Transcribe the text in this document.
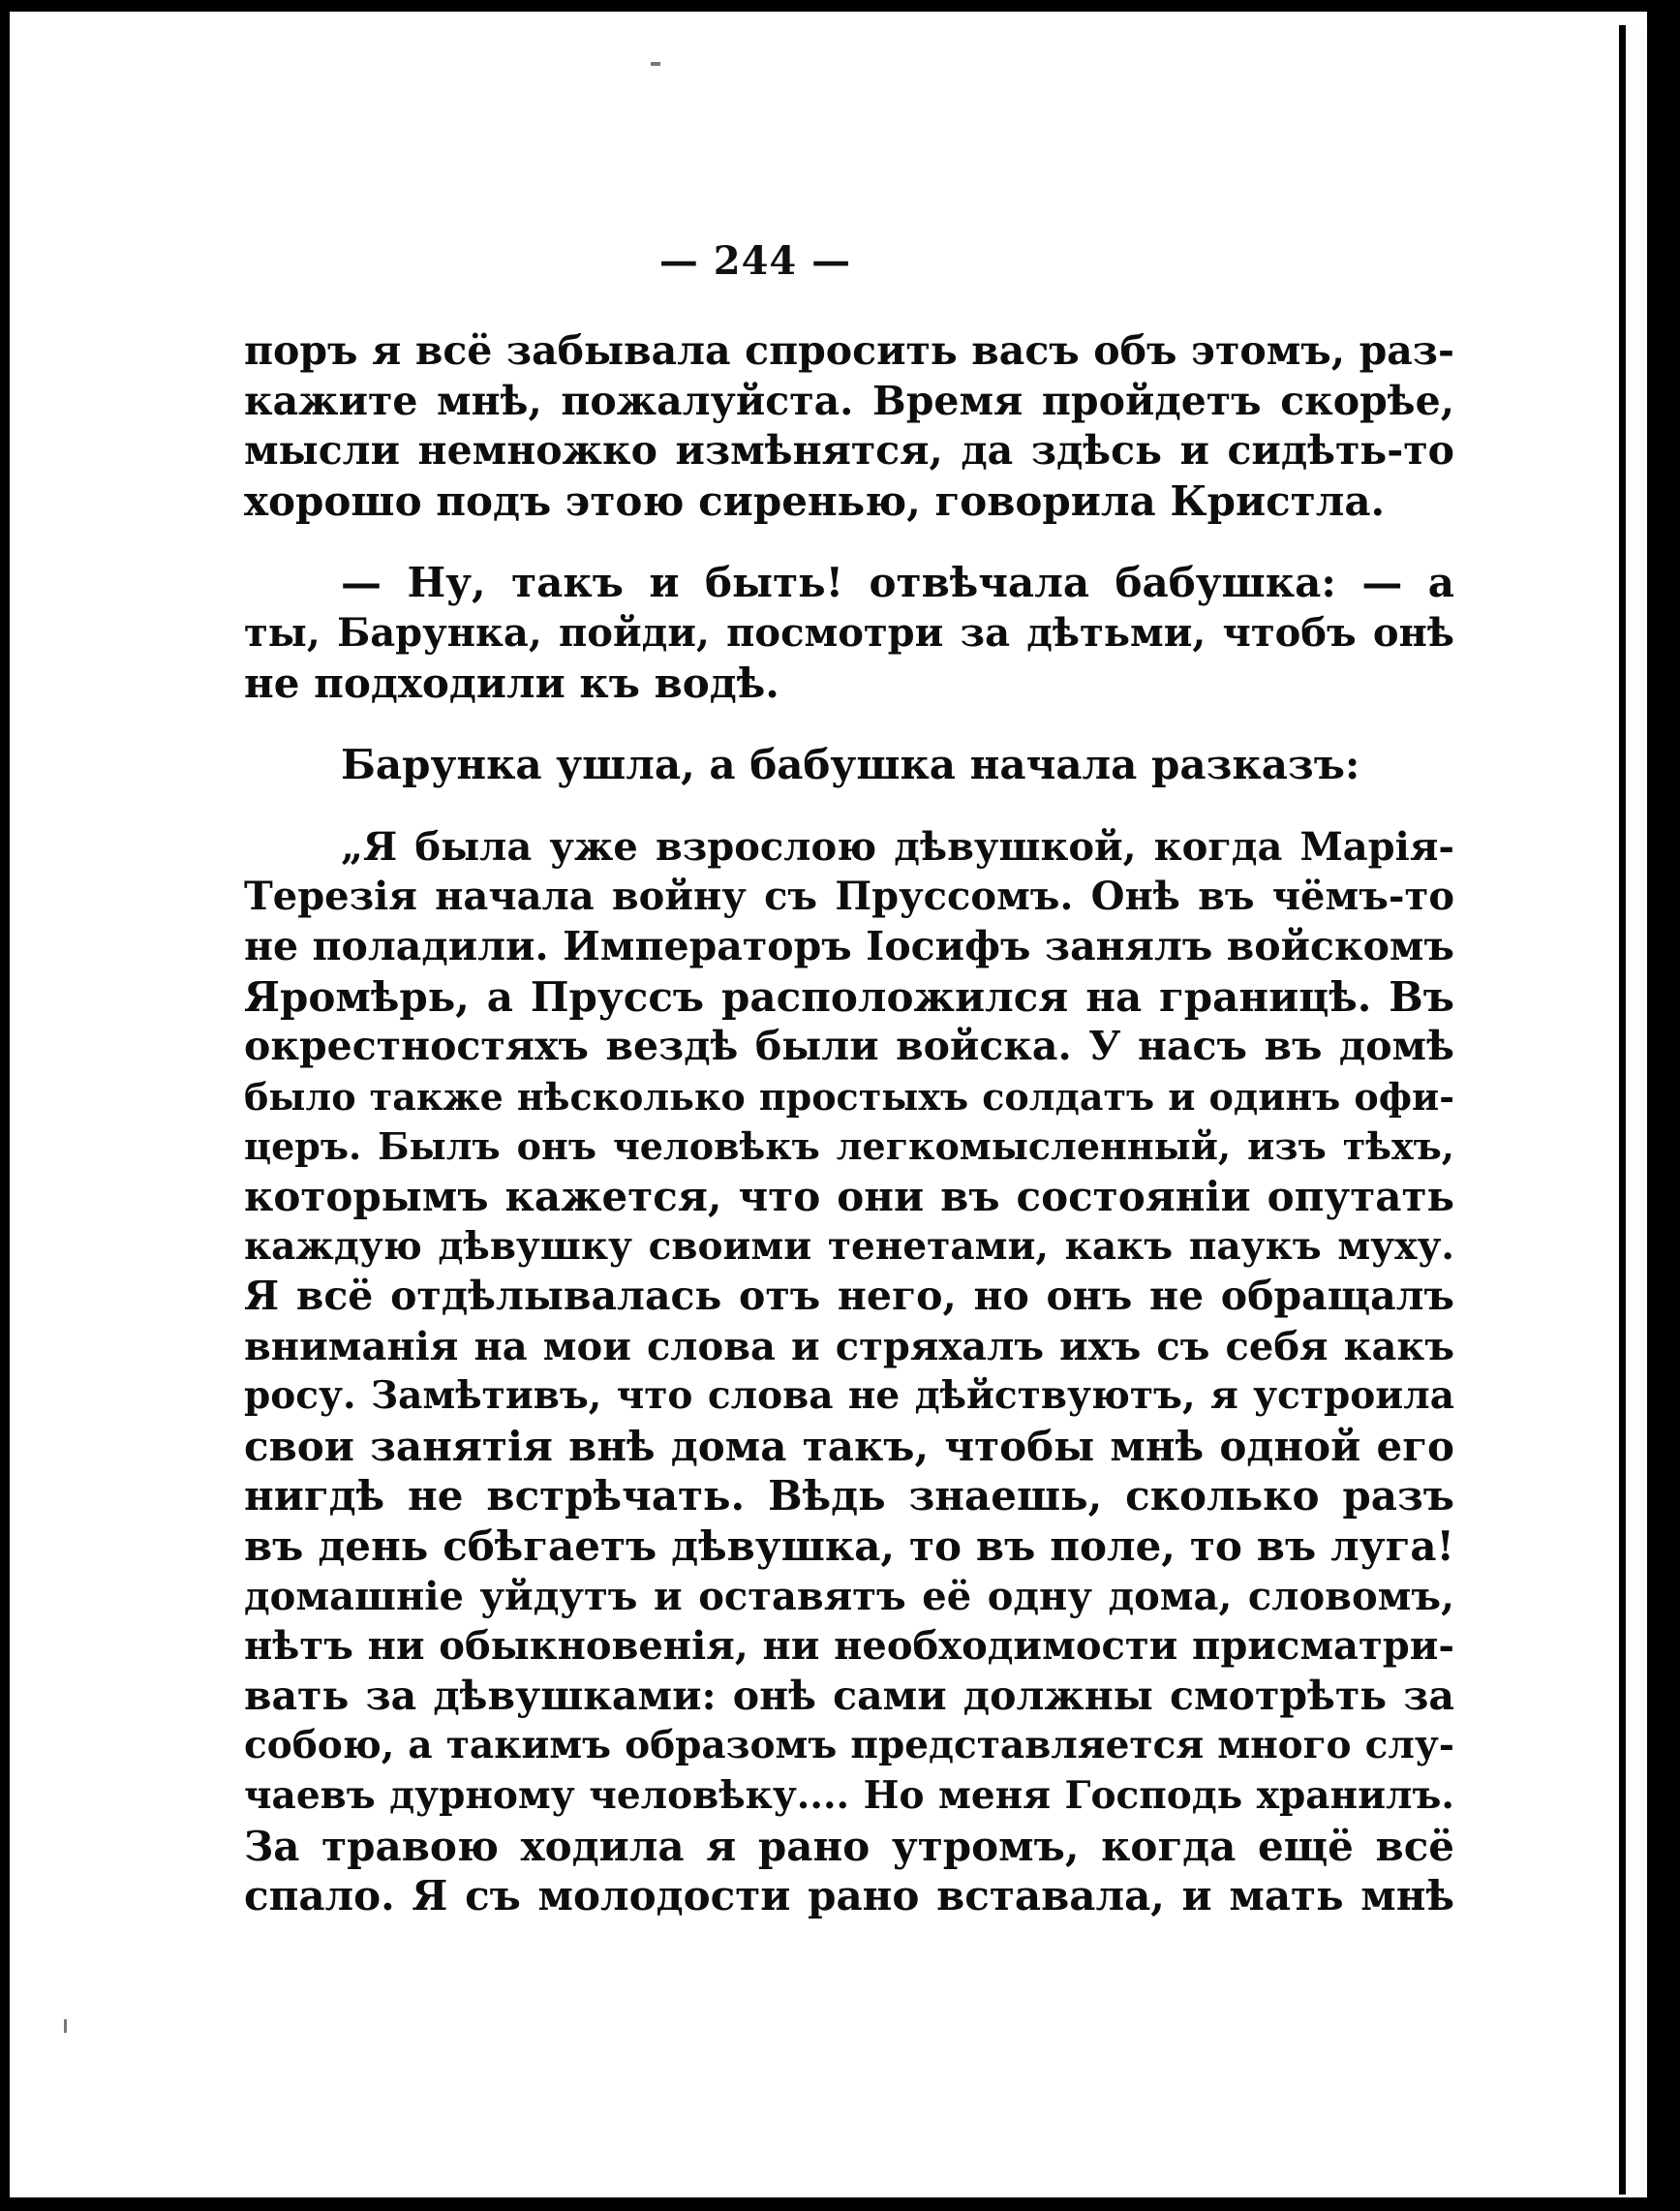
— 244 —
поръ я всё забывала спросить васъ объ этомъ, раз-
кажите мнѣ, пожалуйста. Время пройдетъ скорѣе,
мысли немножко измѣнятся, да здѣсь и сидѣть-то
хорошо подъ этою сиренью, говорила Кристла.
— Ну, такъ и быть! отвѣчала бабушка: — а
ты, Барунка, пойди, посмотри за дѣтьми, чтобъ онѣ
не подходили къ водѣ.
Барунка ушла, а бабушка начала разказъ:
„Я была уже взрослою дѣвушкой, когда Марія-
Терезія начала войну съ Пруссомъ. Онѣ въ чёмъ-то
не поладили. Императоръ Іосифъ занялъ войскомъ
Яромѣрь, а Пруссъ расположился на границѣ. Въ
окрестностяхъ вездѣ были войска. У насъ въ домѣ
было также нѣсколько простыхъ солдатъ и одинъ офи-
церъ. Былъ онъ человѣкъ легкомысленный, изъ тѣхъ,
которымъ кажется, что они въ состояніи опутать
каждую дѣвушку своими тенетами, какъ паукъ муху.
Я всё отдѣлывалась отъ него, но онъ не обращалъ
вниманія на мои слова и стряхалъ ихъ съ себя какъ
росу. Замѣтивъ, что слова не дѣйствуютъ, я устроила
свои занятія внѣ дома такъ, чтобы мнѣ одной его
нигдѣ не встрѣчать. Вѣдь знаешь, сколько разъ
въ день сбѣгаетъ дѣвушка, то въ поле, то въ луга!
домашніе уйдутъ и оставятъ её одну дома, словомъ,
нѣтъ ни обыкновенія, ни необходимости присматри-
вать за дѣвушками: онѣ сами должны смотрѣть за
собою, а такимъ образомъ представляется много слу-
чаевъ дурному человѣку.... Но меня Господь хранилъ.
За травою ходила я рано утромъ, когда ещё всё
спало. Я съ молодости рано вставала, и мать мнѣ
